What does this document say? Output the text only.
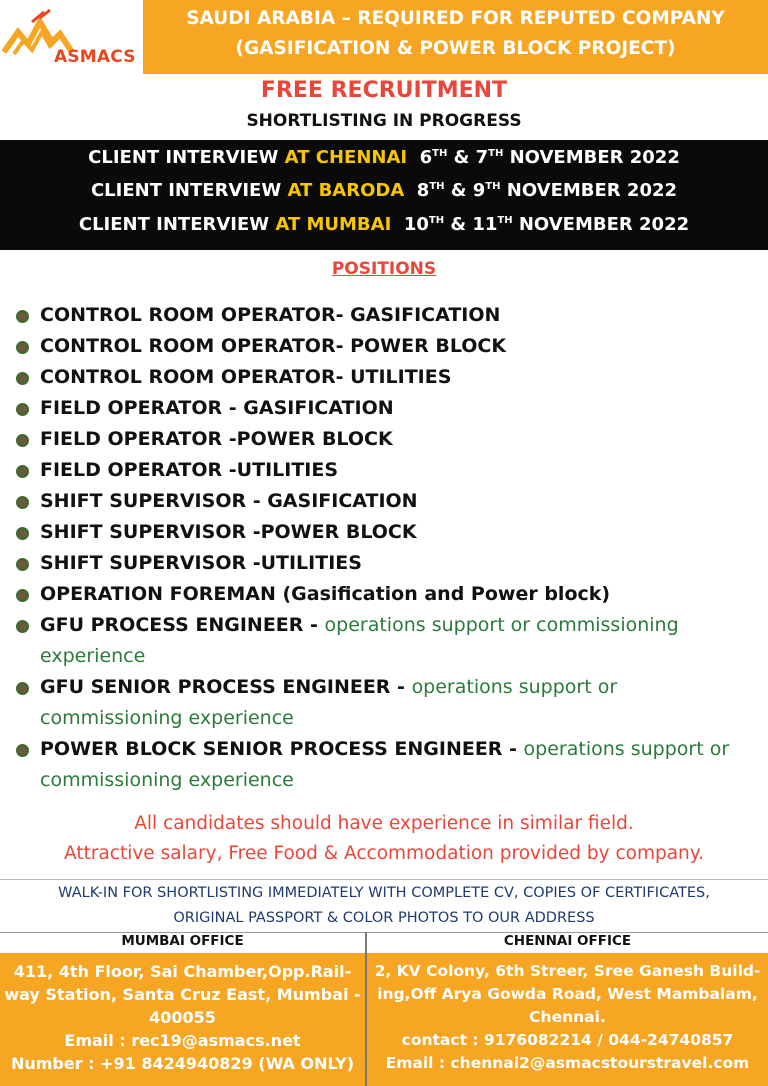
ASMACS
SAUDI ARABIA – REQUIRED FOR REPUTED COMPANY
(GASIFICATION & POWER BLOCK PROJECT)
FREE RECRUITMENT
SHORTLISTING IN PROGRESS
CLIENT INTERVIEW AT CHENNAI 6TH & 7TH NOVEMBER 2022
CLIENT INTERVIEW AT BARODA 8TH & 9TH NOVEMBER 2022
CLIENT INTERVIEW AT MUMBAI 10TH & 11TH NOVEMBER 2022
POSITIONS
CONTROL ROOM OPERATOR- GASIFICATION
CONTROL ROOM OPERATOR- POWER BLOCK
CONTROL ROOM OPERATOR- UTILITIES
FIELD OPERATOR - GASIFICATION
FIELD OPERATOR -POWER BLOCK
FIELD OPERATOR -UTILITIES
SHIFT SUPERVISOR - GASIFICATION
SHIFT SUPERVISOR -POWER BLOCK
SHIFT SUPERVISOR -UTILITIES
OPERATION FOREMAN (Gasification and Power block)
GFU PROCESS ENGINEER - operations support or commissioning experience
GFU SENIOR PROCESS ENGINEER - operations support or commissioning experience
POWER BLOCK SENIOR PROCESS ENGINEER - operations support or commissioning experience
All candidates should have experience in similar field.
Attractive salary, Free Food & Accommodation provided by company.
WALK-IN FOR SHORTLISTING IMMEDIATELY WITH COMPLETE CV, COPIES OF CERTIFICATES,
ORIGINAL PASSPORT & COLOR PHOTOS TO OUR ADDRESS
MUMBAI OFFICE	CHENNAI OFFICE
411, 4th Floor, Sai Chamber,Opp.Rail-
way Station, Santa Cruz East, Mumbai -
400055
Email : rec19@asmacs.net
Number : +91 8424940829 (WA ONLY)
2, KV Colony, 6th Streer, Sree Ganesh Build-
ing,Off Arya Gowda Road, West Mambalam,
Chennai.
contact : 9176082214 / 044-24740857
Email : chennai2@asmacstourstravel.com
